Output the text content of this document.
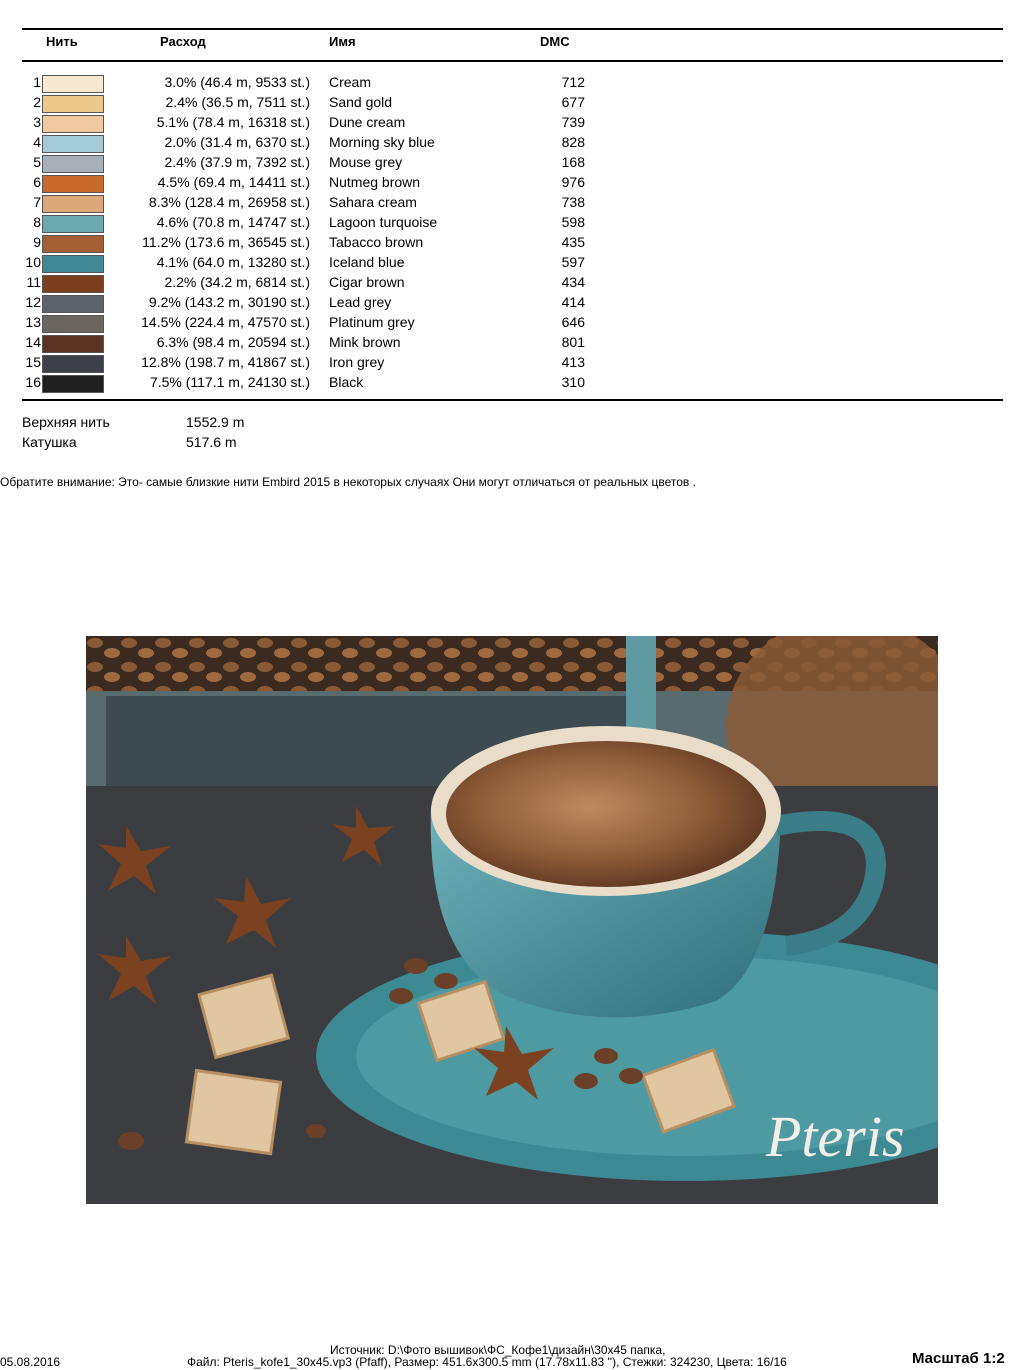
Нить	Расход	Имя	DMC
1	3.0% (46.4 m, 9533 st.) Cream	712
2	2.4% (36.5 m, 7511 st.) Sand gold	677
3	5.1% (78.4 m, 16318 st.) Dune cream	739
4	2.0% (31.4 m, 6370 st.) Morning sky blue	828
5	2.4% (37.9 m, 7392 st.) Mouse grey	168
6	4.5% (69.4 m, 14411 st.) Nutmeg brown	976
7	8.3% (128.4 m, 26958 st.) Sahara cream	738
8	4.6% (70.8 m, 14747 st.) Lagoon turquoise	598
9	11.2% (173.6 m, 36545 st.) Tabacco brown	435
10	4.1% (64.0 m, 13280 st.) Iceland blue	597
11	2.2% (34.2 m, 6814 st.) Cigar brown	434
12	9.2% (143.2 m, 30190 st.) Lead grey	414
13	14.5% (224.4 m, 47570 st.) Platinum grey	646
14	6.3% (98.4 m, 20594 st.) Mink brown	801
15	12.8% (198.7 m, 41867 st.) Iron grey	413
16	7.5% (117.1 m, 24130 st.) Black	310
Верхняя нить	1552.9 m
Катушка	517.6 m
Обратите внимание: Это- самые близкие нити Embird 2015 в некоторых случаях Они могут отличаться от реальных цветов .
Pteris
05.08.2016
Источник: D:\Фото вышивок\ФС_Кофе1\дизайн\30x45 папка,
Файл: Pteris_kofe1_30x45.vp3 (Pfaff), Размер: 451.6x300.5 mm (17.78x11.83 ''), Стежки: 324230, Цвета: 16/16	Масштаб 1:2
